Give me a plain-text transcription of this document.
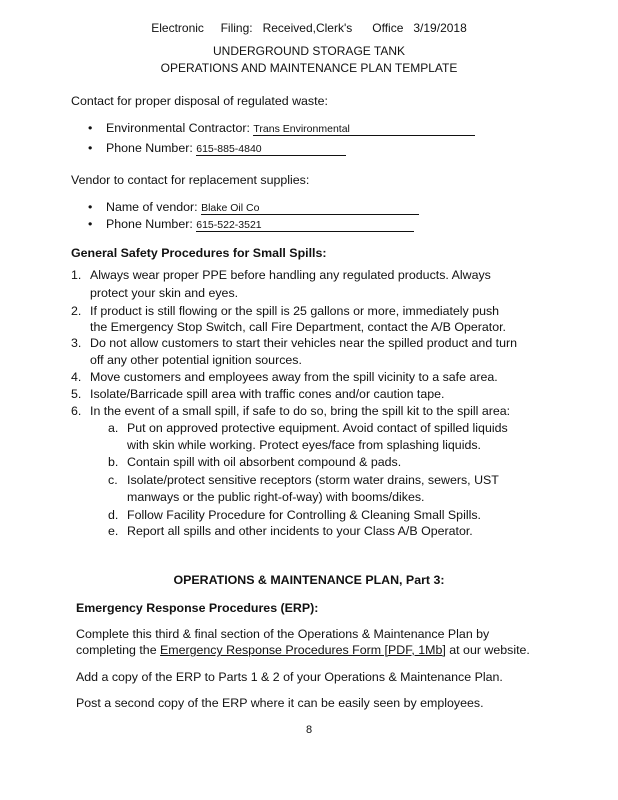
Electronic     Filing:   Received,Clerk's      Office   3/19/2018
UNDERGROUND STORAGE TANK
OPERATIONS AND MAINTENANCE PLAN TEMPLATE
Contact for proper disposal of regulated waste:
• Environmental Contractor: Trans Environmental
• Phone Number: 615-885-4840
Vendor to contact for replacement supplies:
• Name of vendor: Blake Oil Co
• Phone Number: 615-522-3521
General Safety Procedures for Small Spills:
1. Always wear proper PPE before handling any regulated products. Always
protect your skin and eyes.
2. If product is still flowing or the spill is 25 gallons or more, immediately push
the Emergency Stop Switch, call Fire Department, contact the A/B Operator.
3. Do not allow customers to start their vehicles near the spilled product and turn
off any other potential ignition sources.
4. Move customers and employees away from the spill vicinity to a safe area.
5. Isolate/Barricade spill area with traffic cones and/or caution tape.
6. In the event of a small spill, if safe to do so, bring the spill kit to the spill area:
a. Put on approved protective equipment. Avoid contact of spilled liquids
with skin while working. Protect eyes/face from splashing liquids.
b. Contain spill with oil absorbent compound & pads.
c. Isolate/protect sensitive receptors (storm water drains, sewers, UST
manways or the public right-of-way) with booms/dikes.
d. Follow Facility Procedure for Controlling & Cleaning Small Spills.
e. Report all spills and other incidents to your Class A/B Operator.
OPERATIONS & MAINTENANCE PLAN, Part 3:
Emergency Response Procedures (ERP):
Complete this third & final section of the Operations & Maintenance Plan by
completing the Emergency Response Procedures Form [PDF, 1Mb] at our website.
Add a copy of the ERP to Parts 1 & 2 of your Operations & Maintenance Plan.
Post a second copy of the ERP where it can be easily seen by employees.
8
